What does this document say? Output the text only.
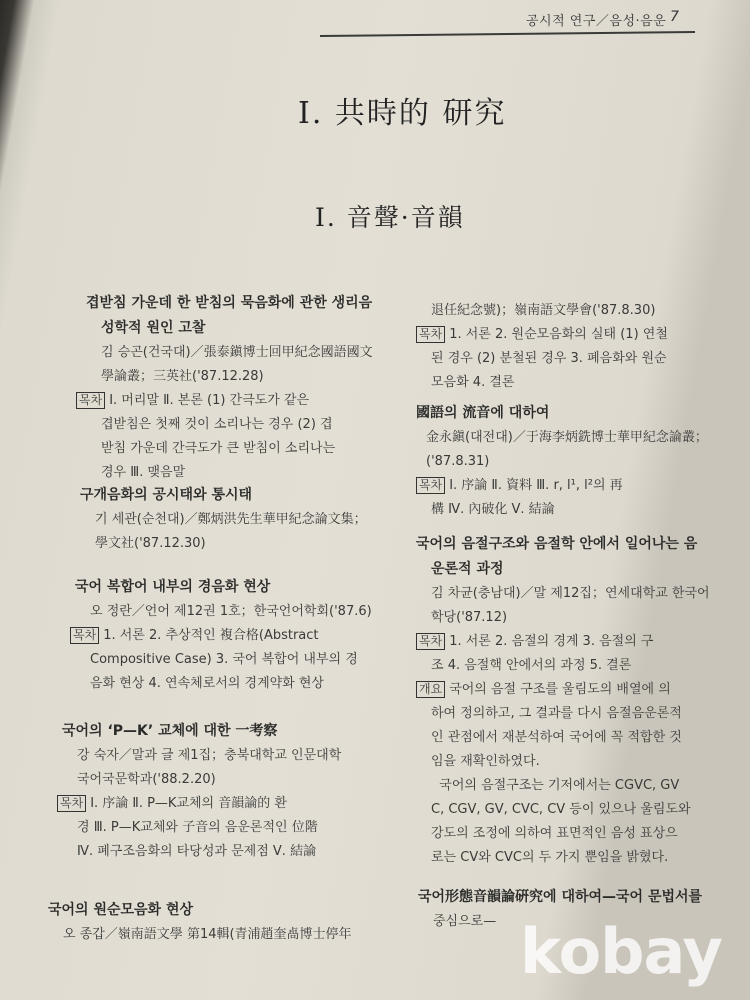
공시적 연구／음성·음운 7
Ⅰ. 共時的 研究
Ⅰ. 音聲·音韻
겹받침 가운데 한 받침의 묵음화에 관한 생리음
성학적 원인 고찰
김 승곤(건국대)／張泰鎭博士回甲紀念國語國文
學論叢；三英社('87.12.28)
목차 Ⅰ. 머리말 Ⅱ. 본론 (1) 간극도가 같은
겹받침은 첫째 것이 소리나는 경우 (2) 겹
받침 가운데 간극도가 큰 받침이 소리나는
경우 Ⅲ. 맺음말
구개음화의 공시태와 통시태
기 세관(순천대)／鄭炳洪先生華甲紀念論文集；
學文社('87.12.30)
국어 복합어 내부의 경음화 현상
오 정란／언어 제12권 1호；한국언어학회('87.6)
목차 1. 서론 2. 추상적인 複合格(Abstract
Compositive Case) 3. 국어 복합어 내부의 경
음화 현상 4. 연속체로서의 경계약화 현상
국어의 ‘P—K’ 교체에 대한 一考察
강 숙자／말과 글 제1집；충북대학교 인문대학
국어국문학과('88.2.20)
목차 Ⅰ. 序論 Ⅱ. P—K교체의 音韻論的 환
경 Ⅲ. P—K교체와 子音의 음운론적인 位階
Ⅳ. 폐구조음화의 타당성과 문제점 Ⅴ. 結論
국어의 원순모음화 현상
오 종갑／嶺南語文學 第14輯(青浦趙奎卨博士停年
退任紀念號)；嶺南語文學會('87.8.30)
목차 1. 서론 2. 원순모음화의 실태 (1) 연철
된 경우 (2) 분철된 경우 3. 폐음화와 원순
모음화 4. 결론
國語의 流音에 대하여
金永鎭(대전대)／于海李炳銑博士華甲紀念論叢；
('87.8.31)
목차 Ⅰ. 序論 Ⅱ. 資料 Ⅲ. r, l¹, l²의 再
構 Ⅳ. 內破化 Ⅴ. 結論
국어의 음절구조와 음절학 안에서 일어나는 음
운론적 과정
김 차균(충남대)／말 제12집；연세대학교 한국어
학당('87.12)
목차 1. 서론 2. 음절의 경계 3. 음절의 구
조 4. 음절핵 안에서의 과정 5. 결론
개요 국어의 음절 구조를 울림도의 배열에 의
하여 정의하고, 그 결과를 다시 음절음운론적
인 관점에서 재분석하여 국어에 꼭 적합한 것
임을 재확인하였다.
국어의 음절구조는 기저에서는 CGVC, GV
C, CGV, GV, CVC, CV 등이 있으나 울림도와
강도의 조정에 의하여 표면적인 음성 표상으
로는 CV와 CVC의 두 가지 뿐임을 밝혔다.
국어形態音韻論硏究에 대하여—국어 문법서를
중심으로— kobay
